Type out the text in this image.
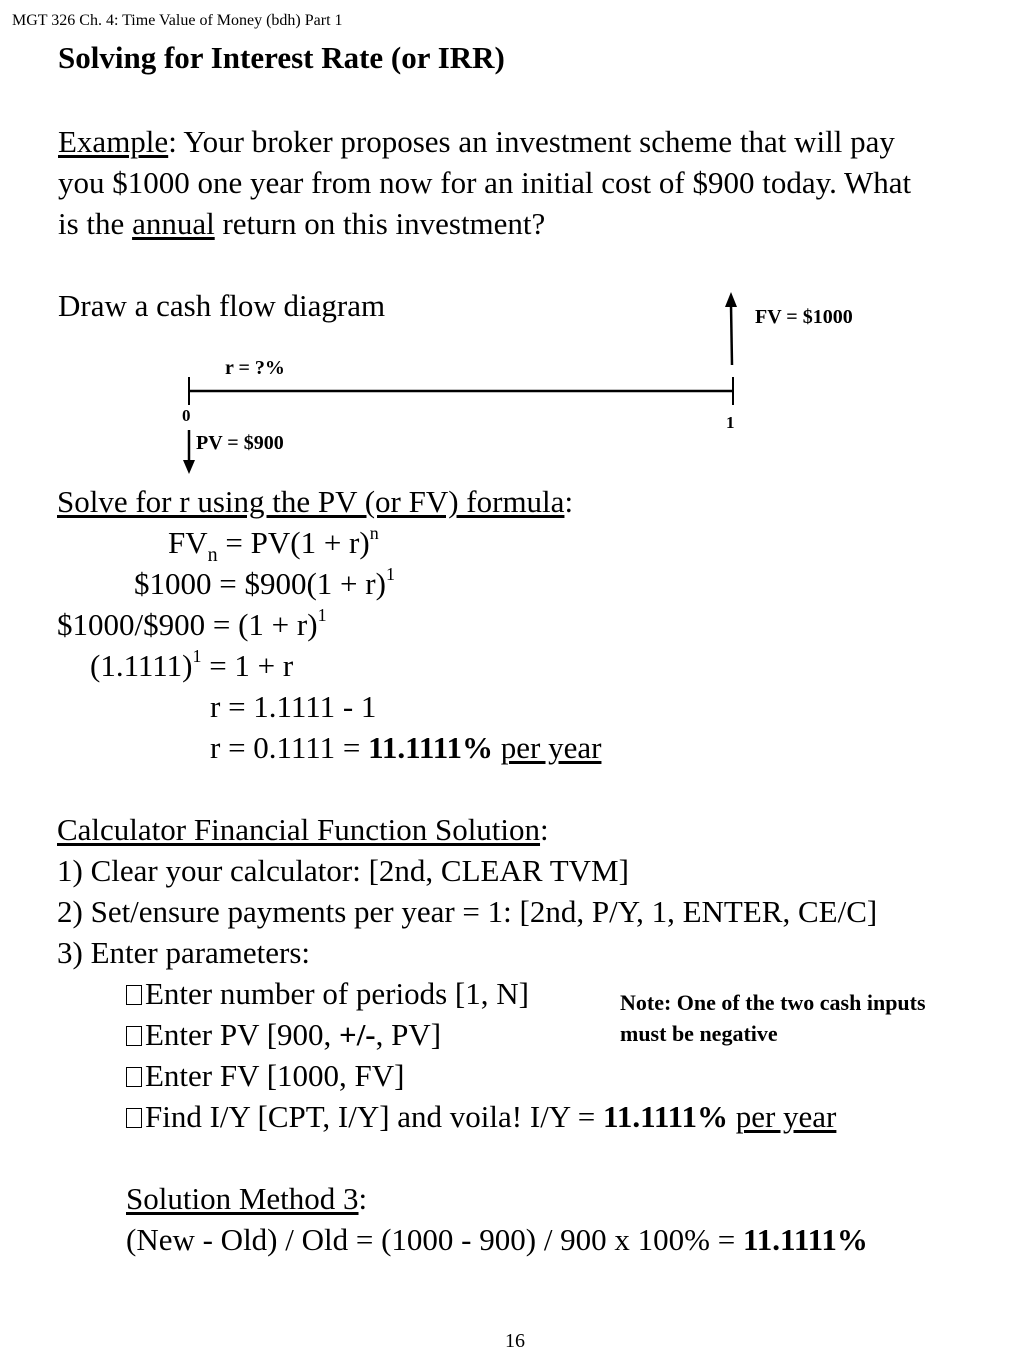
MGT 326 Ch. 4: Time Value of Money (bdh) Part 1
Solving for Interest Rate (or IRR)
Example: Your broker proposes an investment scheme that will pay
you $1000 one year from now for an initial cost of $900 today. What
is the annual return on this investment?
Draw a cash flow diagram	FV = $1000
r = ?%
0	1
PV = $900
Solve for r using the PV (or FV) formula:
$FV_n = PV(1 + r)^n$
$1000 = $900(1 + r)$^1$
$1000/$900 = $(1 + r)^1$
$(1.1111)^1 = 1 + r$
r = 1.1111 - 1
r = 0.1111 = 11.1111% per year
Calculator Financial Function Solution:
1) Clear your calculator: [2nd, CLEAR TVM]
2) Set/ensure payments per year = 1: [2nd, P/Y, 1, ENTER, CE/C]
3) Enter parameters:
Enter number of periods [1, N]
Enter PV [900, +/-, PV]
Enter FV [1000, FV]
Find I/Y [CPT, I/Y] and voila! I/Y = 11.1111% per year
Note: One of the two cash inputs
must be negative
Solution Method 3:
(New - Old) / Old = (1000 - 900) / 900 x 100% = 11.1111%
16
